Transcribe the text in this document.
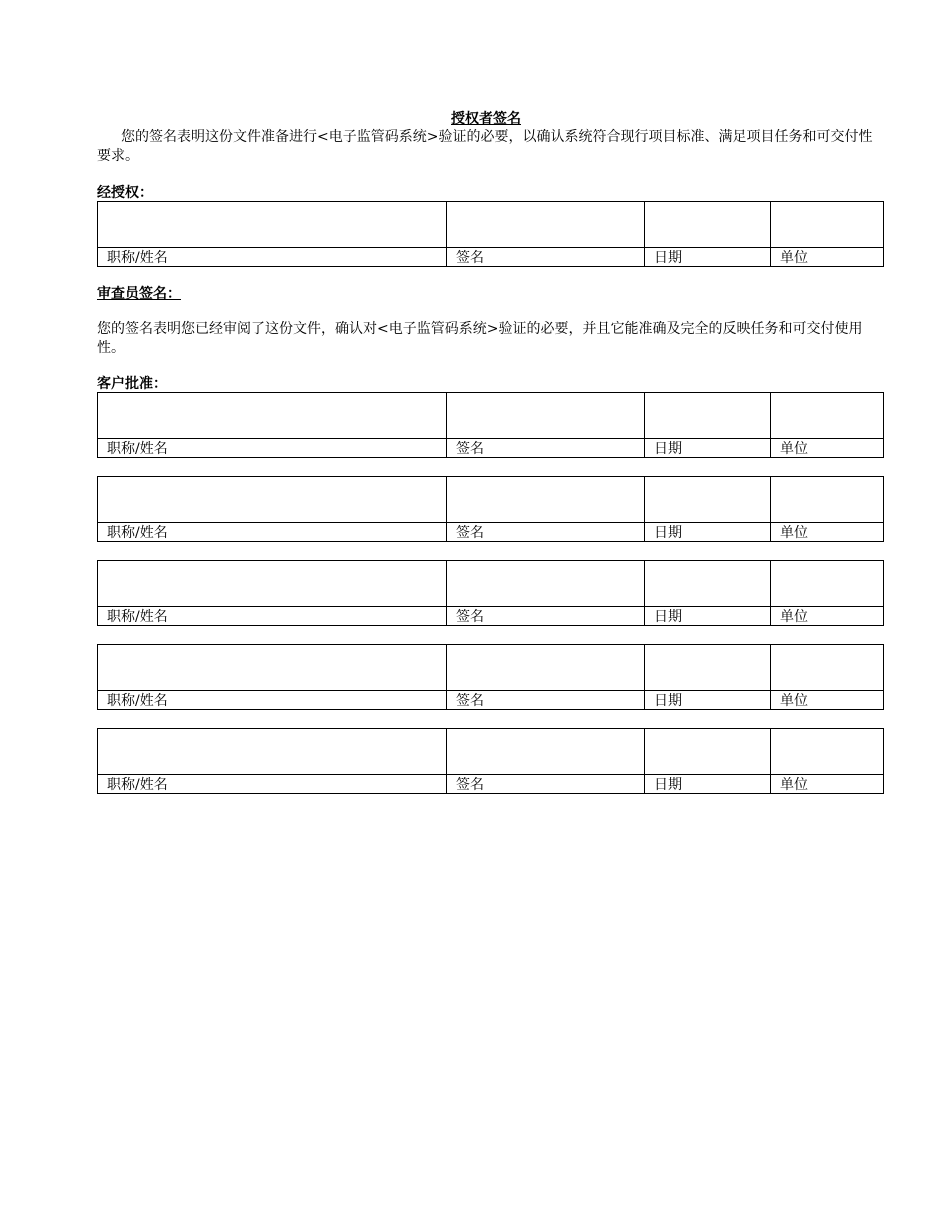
授权者签名

您的签名表明这份文件准备进行<电子监管码系统>验证的必要，以确认系统符合现行项目标准、满足项目任务和可交付性要求。

经授权：

职称/姓名	签名	日期	单位

审查员签名：

您的签名表明您已经审阅了这份文件，确认对<电子监管码系统>验证的必要，并且它能准确及完全的反映任务和可交付使用性。

客户批准：

职称/姓名	签名	日期	单位

职称/姓名	签名	日期	单位

职称/姓名	签名	日期	单位

职称/姓名	签名	日期	单位

职称/姓名	签名	日期	单位
